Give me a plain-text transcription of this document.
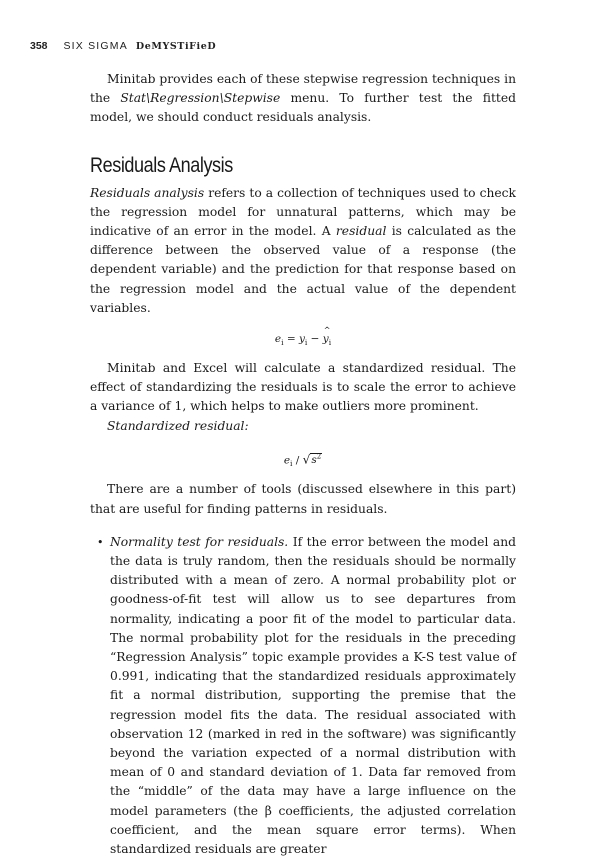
358 SIX SIGMA DeMYSTiFieD

Minitab provides each of these stepwise regression techniques in the Stat\Regression\Stepwise menu. To further test the fitted model, we should conduct residuals analysis.

Residuals Analysis

Residuals analysis refers to a collection of techniques used to check the regression model for unnatural patterns, which may be indicative of an error in the model. A residual is calculated as the difference between the observed value of a response (the dependent variable) and the prediction for that response based on the regression model and the actual value of the dependent variables.

$e_i = y_i$ − ^ $y_i$

Minitab and Excel will calculate a standardized residual. The effect of standardizing the residuals is to scale the error to achieve a variance of 1, which helps to make outliers more prominent.

Standardized residual:

$e_i / √s^2$

There are a number of tools (discussed elsewhere in this part) that are useful for finding patterns in residuals.

• Normality test for residuals. If the error between the model and the data is truly random, then the residuals should be normally distributed with a mean of zero. A normal probability plot or goodness-of-fit test will allow us to see departures from normality, indicating a poor fit of the model to particular data. The normal probability plot for the residuals in the preceding “Regression Analysis” topic example provides a K-S test value of 0.991, indicating that the standardized residuals approximately fit a normal distribution, supporting the premise that the regression model fits the data. The residual associated with observation 12 (marked in red in the software) was significantly beyond the variation expected of a normal distribution with mean of 0 and standard deviation of 1. Data far removed from the “middle” of the data may have a large influence on the model parameters (the β coefficients, the adjusted correlation coefficient, and the mean square error terms). When standardized residuals are greater
